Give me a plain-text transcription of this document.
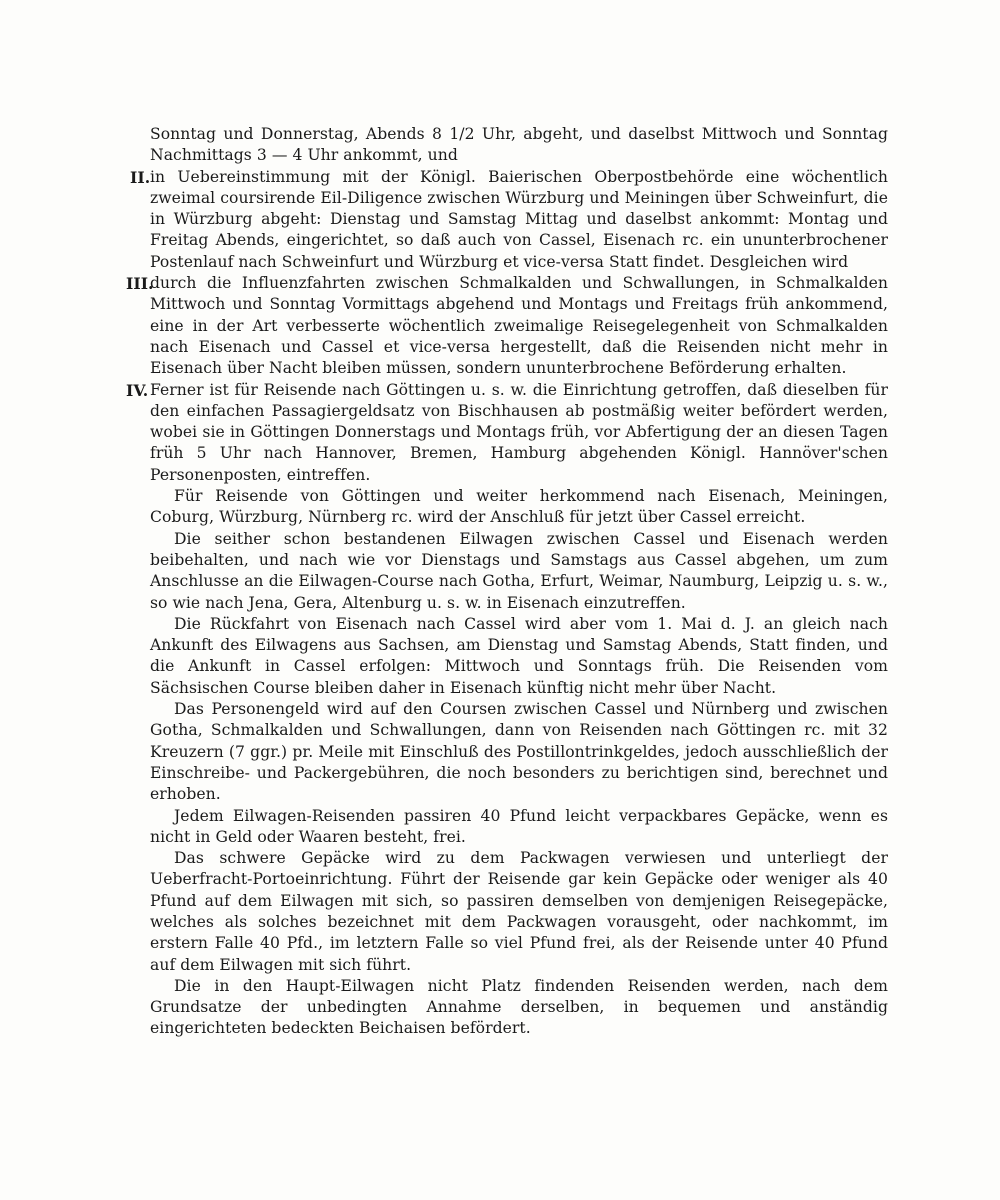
Sonntag und Donnerstag, Abends 8 1/2 Uhr, abgeht, und daselbst Mittwoch und Sonntag Nachmittags 3 — 4 Uhr ankommt, und

II. in Uebereinstimmung mit der Königl. Baierischen Oberpostbehörde eine wöchentlich zweimal coursirende Eil-Diligence zwischen Würzburg und Meiningen über Schweinfurt, die in Würzburg abgeht: Dienstag und Samstag Mittag und daselbst ankommt: Montag und Freitag Abends, eingerichtet, so daß auch von Cassel, Eisenach rc. ein ununterbrochener Postenlauf nach Schweinfurt und Würzburg et vice-versa Statt findet. Desgleichen wird
III.
durch die Influenzfahrten zwischen Schmalkalden und Schwallungen, in Schmalkalden Mittwoch und Sonntag Vormittags abgehend und Montags und Freitags früh ankommend, eine in der Art verbesserte wöchentlich zweimalige Reisegelegenheit von Schmalkalden nach Eisenach und Cassel et vice-versa hergestellt, daß die Reisenden nicht mehr in Eisenach über Nacht bleiben müssen, sondern ununterbrochene Beförderung erhalten.
IV. Ferner ist für Reisende nach Göttingen u. s. w. die Einrichtung getroffen, daß dieselben für den einfachen Passagiergeldsatz von Bischhausen ab postmäßig weiter befördert werden, wobei sie in Göttingen Donnerstags und Montags früh, vor Abfertigung der an diesen Tagen früh 5 Uhr nach Hannover, Bremen, Hamburg abgehenden Königl. Hannöver'schen Personenposten, eintreffen.

Für Reisende von Göttingen und weiter herkommend nach Eisenach, Meiningen, Coburg, Würzburg, Nürnberg rc. wird der Anschluß für jetzt über Cassel erreicht.

Die seither schon bestandenen Eilwagen zwischen Cassel und Eisenach werden beibehalten, und nach wie vor Dienstags und Samstags aus Cassel abgehen, um zum Anschlusse an die Eilwagen-Course nach Gotha, Erfurt, Weimar, Naumburg, Leipzig u. s. w., so wie nach Jena, Gera, Altenburg u. s. w. in Eisenach einzutreffen.

Die Rückfahrt von Eisenach nach Cassel wird aber vom 1. Mai d. J. an gleich nach Ankunft des Eilwagens aus Sachsen, am Dienstag und Samstag Abends, Statt finden, und die Ankunft in Cassel erfolgen: Mittwoch und Sonntags früh. Die Reisenden vom Sächsischen Course bleiben daher in Eisenach künftig nicht mehr über Nacht.

Das Personengeld wird auf den Coursen zwischen Cassel und Nürnberg und zwischen Gotha, Schmalkalden und Schwallungen, dann von Reisenden nach Göttingen rc. mit 32 Kreuzern (7 ggr.) pr. Meile mit Einschluß des Postillontrinkgeldes, jedoch ausschließlich der Einschreibe- und Packergebühren, die noch besonders zu berichtigen sind, berechnet und erhoben.

Jedem Eilwagen-Reisenden passiren 40 Pfund leicht verpackbares Gepäcke, wenn es nicht in Geld oder Waaren besteht, frei.

Das schwere Gepäcke wird zu dem Packwagen verwiesen und unterliegt der Ueberfracht-Portoeinrichtung. Führt der Reisende gar kein Gepäcke oder weniger als 40 Pfund auf dem Eilwagen mit sich, so passiren demselben von demjenigen Reisegepäcke, welches als solches bezeichnet mit dem Packwagen vorausgeht, oder nachkommt, im erstern Falle 40 Pfd., im letztern Falle so viel Pfund frei, als der Reisende unter 40 Pfund auf dem Eilwagen mit sich führt.

Die in den Haupt-Eilwagen nicht Platz findenden Reisenden werden, nach dem Grundsatze der unbedingten Annahme derselben, in bequemen und anständig eingerichteten bedeckten Beichaisen befördert.
